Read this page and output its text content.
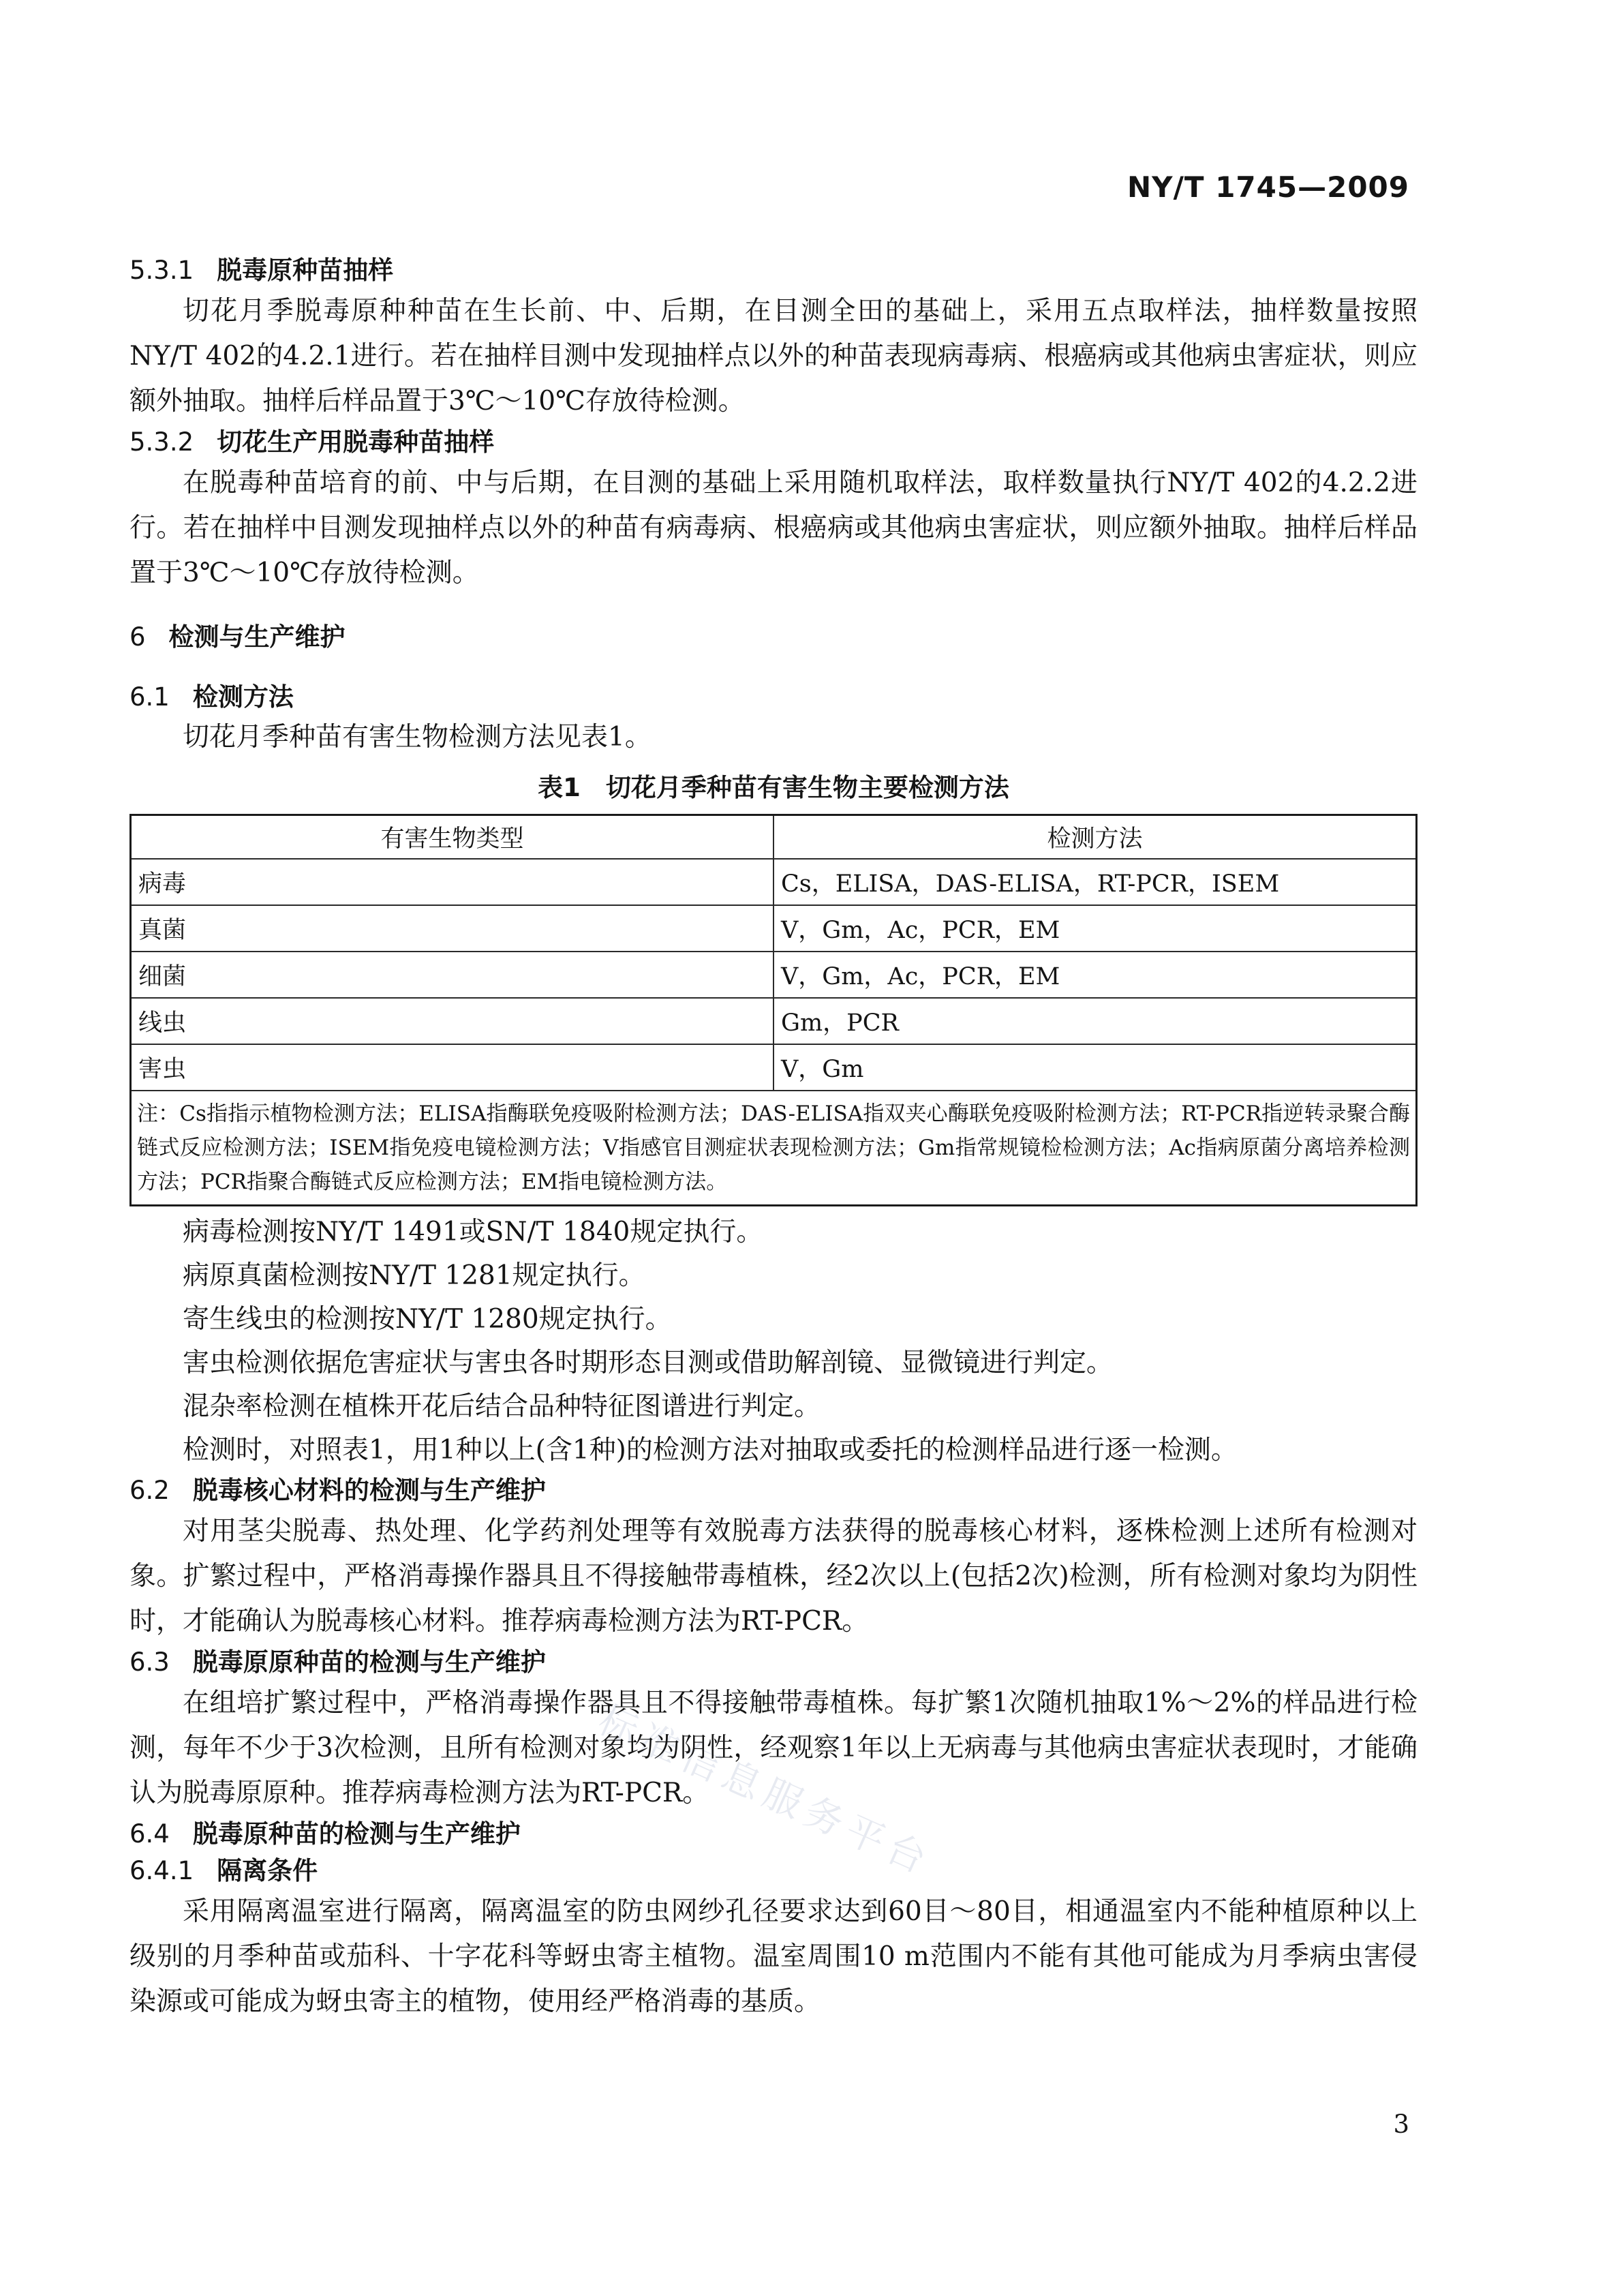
NY/T 1745—2009
标准信息服务平台
5.3.1 脱毒原种苗抽样

切花月季脱毒原种种苗在生长前、中、后期，在目测全田的基础上，采用五点取样法，抽样数量按照NY/T 402的4.2.1进行。若在抽样目测中发现抽样点以外的种苗表现病毒病、根癌病或其他病虫害症状，则应额外抽取。抽样后样品置于3℃～10℃存放待检测。

5.3.2 切花生产用脱毒种苗抽样

在脱毒种苗培育的前、中与后期，在目测的基础上采用随机取样法，取样数量执行NY/T 402的4.2.2进行。若在抽样中目测发现抽样点以外的种苗有病毒病、根癌病或其他病虫害症状，则应额外抽取。抽样后样品置于3℃～10℃存放待检测。

6 检测与生产维护
6.1 检测方法

切花月季种苗有害生物检测方法见表1。

表1　切花月季种苗有害生物主要检测方法
有害生物类型	检测方法
病毒	Cs，ELISA，DAS-ELISA，RT-PCR，ISEM
真菌	V，Gm，Ac，PCR，EM
细菌	V，Gm，Ac，PCR，EM
线虫	Gm，PCR
害虫	V，Gm
注：Cs指指示植物检测方法；ELISA指酶联免疫吸附检测方法；DAS-ELISA指双夹心酶联免疫吸附检测方法；RT-PCR指逆转录聚合酶链式反应检测方法；ISEM指免疫电镜检测方法；V指感官目测症状表现检测方法；Gm指常规镜检检测方法；Ac指病原菌分离培养检测方法；PCR指聚合酶链式反应检测方法；EM指电镜检测方法。	

病毒检测按NY/T 1491或SN/T 1840规定执行。

病原真菌检测按NY/T 1281规定执行。

寄生线虫的检测按NY/T 1280规定执行。

害虫检测依据危害症状与害虫各时期形态目测或借助解剖镜、显微镜进行判定。

混杂率检测在植株开花后结合品种特征图谱进行判定。

检测时，对照表1，用1种以上(含1种)的检测方法对抽取或委托的检测样品进行逐一检测。

6.2 脱毒核心材料的检测与生产维护

对用茎尖脱毒、热处理、化学药剂处理等有效脱毒方法获得的脱毒核心材料，逐株检测上述所有检测对象。扩繁过程中，严格消毒操作器具且不得接触带毒植株，经2次以上(包括2次)检测，所有检测对象均为阴性时，才能确认为脱毒核心材料。推荐病毒检测方法为RT-PCR。

6.3 脱毒原原种苗的检测与生产维护

在组培扩繁过程中，严格消毒操作器具且不得接触带毒植株。每扩繁1次随机抽取1%～2%的样品进行检测，每年不少于3次检测，且所有检测对象均为阴性，经观察1年以上无病毒与其他病虫害症状表现时，才能确认为脱毒原原种。推荐病毒检测方法为RT-PCR。

6.4 脱毒原种苗的检测与生产维护
6.4.1 隔离条件

采用隔离温室进行隔离，隔离温室的防虫网纱孔径要求达到60目～80目，相通温室内不能种植原种以上级别的月季种苗或茄科、十字花科等蚜虫寄主植物。温室周围10 m范围内不能有其他可能成为月季病虫害侵染源或可能成为蚜虫寄主的植物，使用经严格消毒的基质。

3
